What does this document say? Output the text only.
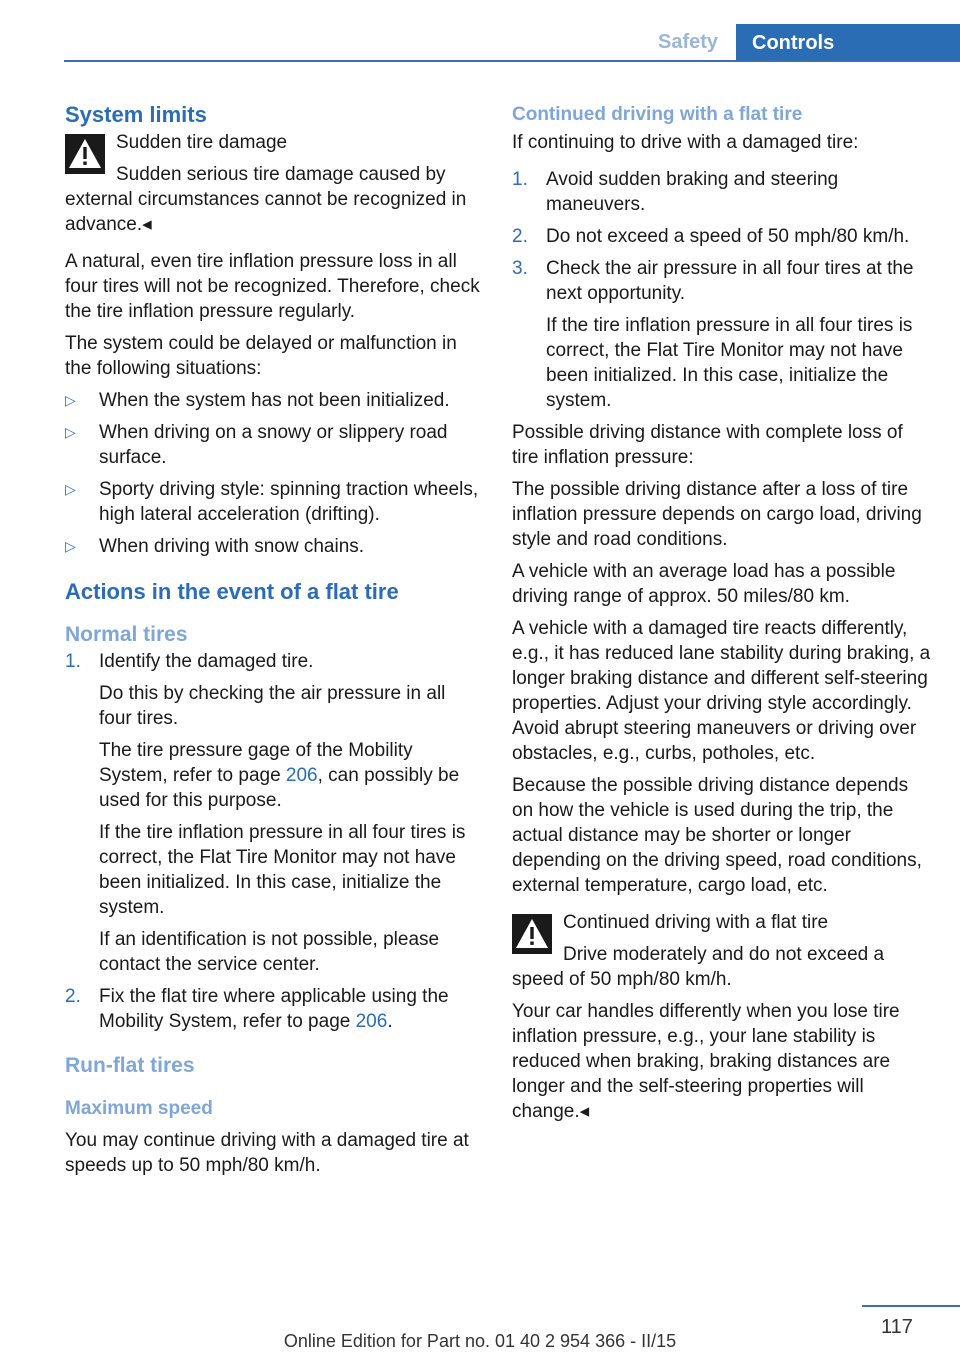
Safety	Controls
System limits

Sudden tire damage

Sudden serious tire damage caused by external circumstances cannot be recognized in advance.◂

A natural, even tire inflation pressure loss in all four tires will not be recognized. Therefore, check the tire inflation pressure regularly.

The system could be delayed or malfunction in the following situations:

▷ When the system has not been initialized.
▷ When driving on a snowy or slippery road surface.
▷ Sporty driving style: spinning traction wheels, high lateral acceleration (drifting).
▷ When driving with snow chains.
Actions in the event of a flat tire
Normal tires
1. Identify the damaged tire.
Do this by checking the air pressure in all four tires.
The tire pressure gage of the Mobility System, refer to page 206, can possibly be used for this purpose.
If the tire inflation pressure in all four tires is correct, the Flat Tire Monitor may not have been initialized. In this case, initialize the system.
If an identification is not possible, please contact the service center.
2. Fix the flat tire where applicable using the Mobility System, refer to page 206.
Run-flat tires
Maximum speed

You may continue driving with a damaged tire at speeds up to 50 mph/80 km/h.

Continued driving with a flat tire

If continuing to drive with a damaged tire:

1. Avoid sudden braking and steering maneuvers.
2. Do not exceed a speed of 50 mph/80 km/h.
3. Check the air pressure in all four tires at the next opportunity.
If the tire inflation pressure in all four tires is correct, the Flat Tire Monitor may not have been initialized. In this case, initialize the system.

Possible driving distance with complete loss of tire inflation pressure:

The possible driving distance after a loss of tire inflation pressure depends on cargo load, driving style and road conditions.

A vehicle with an average load has a possible driving range of approx. 50 miles/80 km.

A vehicle with a damaged tire reacts differently, e.g., it has reduced lane stability during braking, a longer braking distance and different self-steering properties. Adjust your driving style accordingly. Avoid abrupt steering maneuvers or driving over obstacles, e.g., curbs, potholes, etc.

Because the possible driving distance depends on how the vehicle is used during the trip, the actual distance may be shorter or longer depending on the driving speed, road conditions, external temperature, cargo load, etc.

Continued driving with a flat tire

Drive moderately and do not exceed a speed of 50 mph/80 km/h.

Your car handles differently when you lose tire inflation pressure, e.g., your lane stability is reduced when braking, braking distances are longer and the self-steering properties will change.◂

117
Online Edition for Part no. 01 40 2 954 366 - II/15
